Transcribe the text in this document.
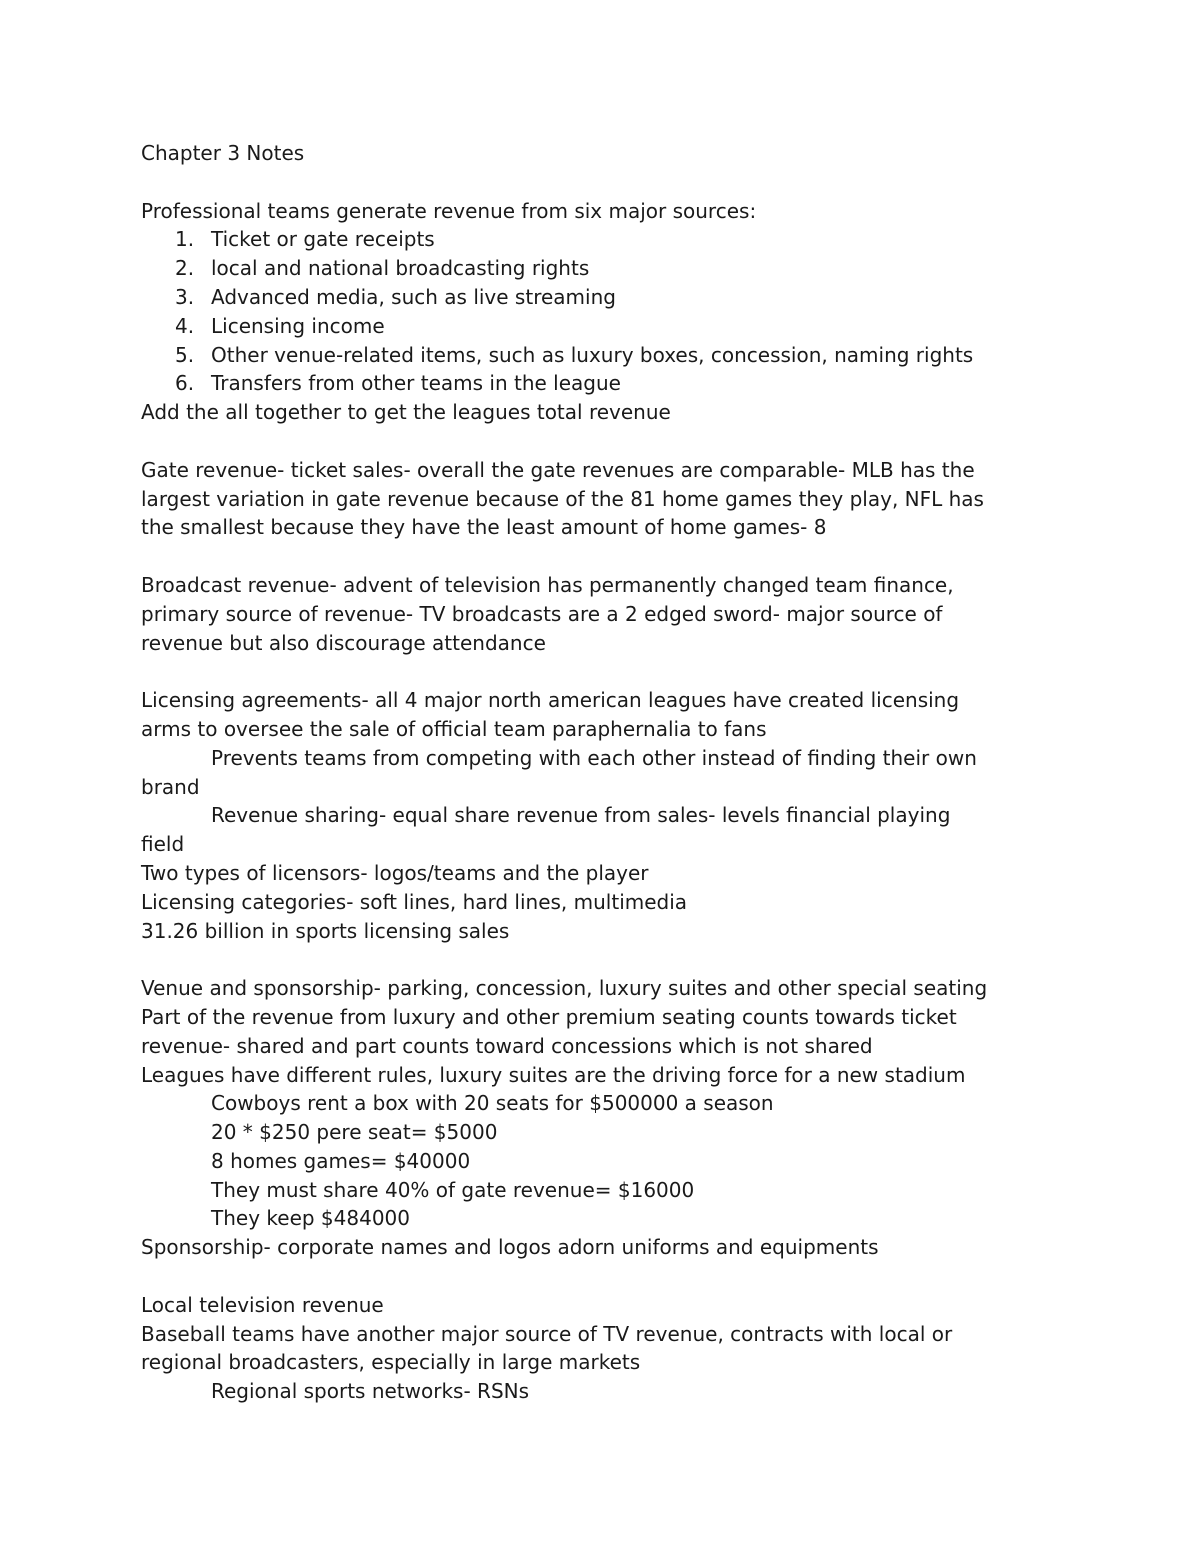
Chapter 3 Notes
Professional teams generate revenue from six major sources:
1. Ticket or gate receipts
2. local and national broadcasting rights
3. Advanced media, such as live streaming
4. Licensing income
5. Other venue-related items, such as luxury boxes, concession, naming rights
6. Transfers from other teams in the league
Add the all together to get the leagues total revenue
Gate revenue- ticket sales- overall the gate revenues are comparable- MLB has the
largest variation in gate revenue because of the 81 home games they play, NFL has
the smallest because they have the least amount of home games- 8
Broadcast revenue- advent of television has permanently changed team finance,
primary source of revenue- TV broadcasts are a 2 edged sword- major source of
revenue but also discourage attendance
Licensing agreements- all 4 major north american leagues have created licensing
arms to oversee the sale of official team paraphernalia to fans
Prevents teams from competing with each other instead of finding their own
brand
Revenue sharing- equal share revenue from sales- levels financial playing
field
Two types of licensors- logos/teams and the player
Licensing categories- soft lines, hard lines, multimedia
31.26 billion in sports licensing sales
Venue and sponsorship- parking, concession, luxury suites and other special seating
Part of the revenue from luxury and other premium seating counts towards ticket
revenue- shared and part counts toward concessions which is not shared
Leagues have different rules, luxury suites are the driving force for a new stadium
Cowboys rent a box with 20 seats for $500000 a season
20 * $250 pere seat= $5000
8 homes games= $40000
They must share 40% of gate revenue= $16000
They keep $484000
Sponsorship- corporate names and logos adorn uniforms and equipments
Local television revenue
Baseball teams have another major source of TV revenue, contracts with local or
regional broadcasters, especially in large markets
Regional sports networks- RSNs
